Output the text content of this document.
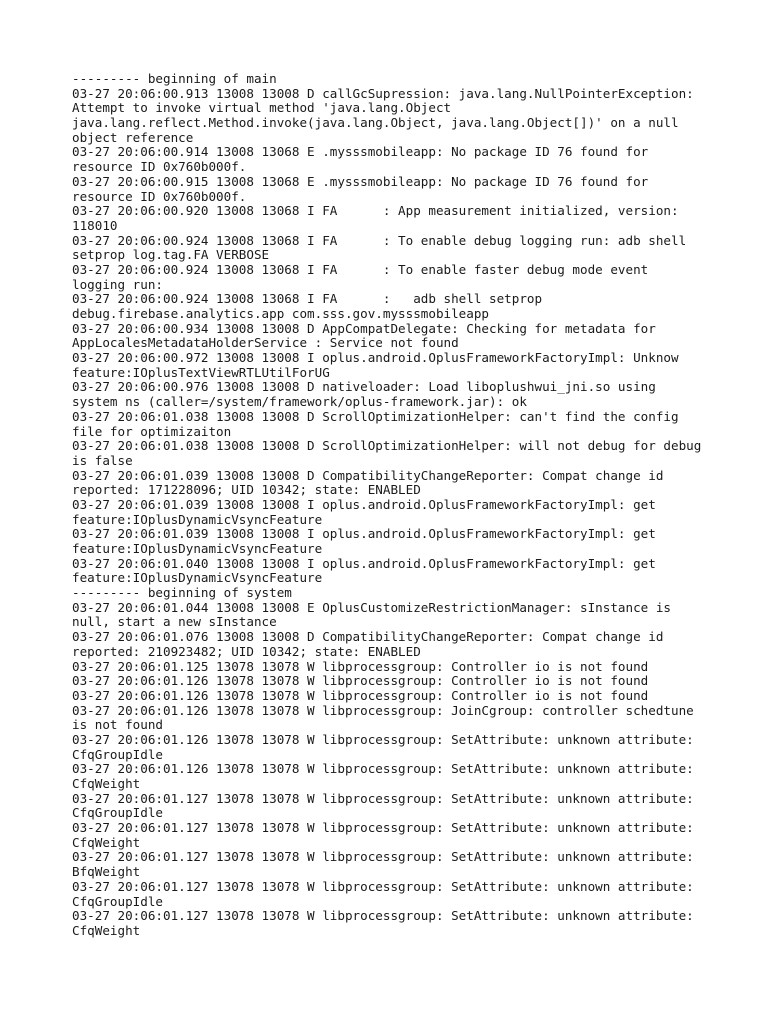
--------- beginning of main
03-27 20:06:00.913 13008 13008 D callGcSupression: java.lang.NullPointerException:
Attempt to invoke virtual method 'java.lang.Object
java.lang.reflect.Method.invoke(java.lang.Object, java.lang.Object[])' on a null
object reference
03-27 20:06:00.914 13008 13068 E .mysssmobileapp: No package ID 76 found for
resource ID 0x760b000f.
03-27 20:06:00.915 13008 13068 E .mysssmobileapp: No package ID 76 found for
resource ID 0x760b000f.
03-27 20:06:00.920 13008 13068 I FA      : App measurement initialized, version:
118010
03-27 20:06:00.924 13008 13068 I FA      : To enable debug logging run: adb shell
setprop log.tag.FA VERBOSE
03-27 20:06:00.924 13008 13068 I FA      : To enable faster debug mode event
logging run:
03-27 20:06:00.924 13008 13068 I FA      :   adb shell setprop
debug.firebase.analytics.app com.sss.gov.mysssmobileapp
03-27 20:06:00.934 13008 13008 D AppCompatDelegate: Checking for metadata for
AppLocalesMetadataHolderService : Service not found
03-27 20:06:00.972 13008 13008 I oplus.android.OplusFrameworkFactoryImpl: Unknow
feature:IOplusTextViewRTLUtilForUG
03-27 20:06:00.976 13008 13008 D nativeloader: Load liboplushwui_jni.so using
system ns (caller=/system/framework/oplus-framework.jar): ok
03-27 20:06:01.038 13008 13008 D ScrollOptimizationHelper: can't find the config
file for optimizaiton
03-27 20:06:01.038 13008 13008 D ScrollOptimizationHelper: will not debug for debug
is false
03-27 20:06:01.039 13008 13008 D CompatibilityChangeReporter: Compat change id
reported: 171228096; UID 10342; state: ENABLED
03-27 20:06:01.039 13008 13008 I oplus.android.OplusFrameworkFactoryImpl: get
feature:IOplusDynamicVsyncFeature
03-27 20:06:01.039 13008 13008 I oplus.android.OplusFrameworkFactoryImpl: get
feature:IOplusDynamicVsyncFeature
03-27 20:06:01.040 13008 13008 I oplus.android.OplusFrameworkFactoryImpl: get
feature:IOplusDynamicVsyncFeature
--------- beginning of system
03-27 20:06:01.044 13008 13008 E OplusCustomizeRestrictionManager: sInstance is
null, start a new sInstance
03-27 20:06:01.076 13008 13008 D CompatibilityChangeReporter: Compat change id
reported: 210923482; UID 10342; state: ENABLED
03-27 20:06:01.125 13078 13078 W libprocessgroup: Controller io is not found
03-27 20:06:01.126 13078 13078 W libprocessgroup: Controller io is not found
03-27 20:06:01.126 13078 13078 W libprocessgroup: Controller io is not found
03-27 20:06:01.126 13078 13078 W libprocessgroup: JoinCgroup: controller schedtune
is not found
03-27 20:06:01.126 13078 13078 W libprocessgroup: SetAttribute: unknown attribute:
CfqGroupIdle
03-27 20:06:01.126 13078 13078 W libprocessgroup: SetAttribute: unknown attribute:
CfqWeight
03-27 20:06:01.127 13078 13078 W libprocessgroup: SetAttribute: unknown attribute:
CfqGroupIdle
03-27 20:06:01.127 13078 13078 W libprocessgroup: SetAttribute: unknown attribute:
CfqWeight
03-27 20:06:01.127 13078 13078 W libprocessgroup: SetAttribute: unknown attribute:
BfqWeight
03-27 20:06:01.127 13078 13078 W libprocessgroup: SetAttribute: unknown attribute:
CfqGroupIdle
03-27 20:06:01.127 13078 13078 W libprocessgroup: SetAttribute: unknown attribute:
CfqWeight
